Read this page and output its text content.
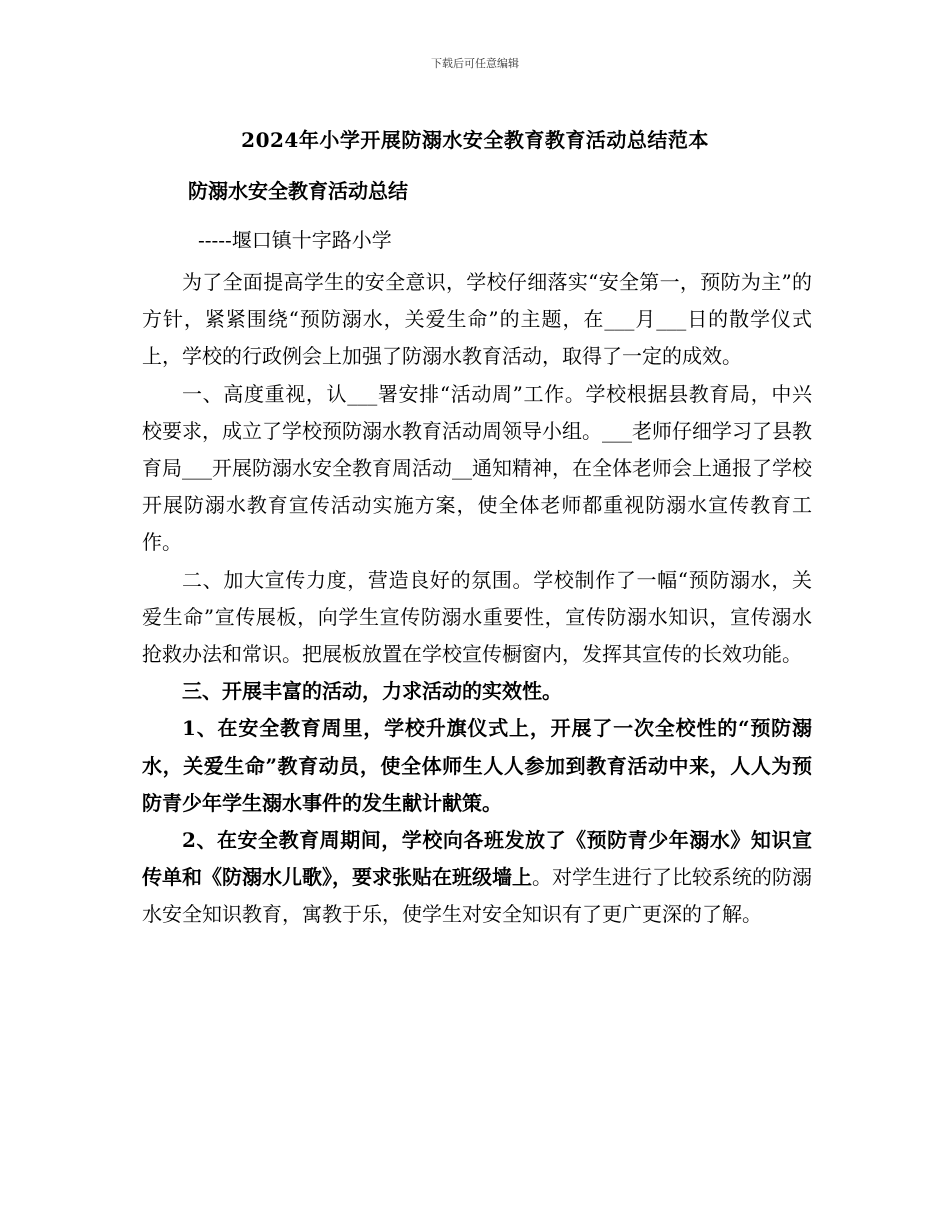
下载后可任意编辑
2024年小学开展防溺水安全教育教育活动总结范本
防溺水安全教育活动总结
-----堰口镇十字路小学

为了全面提高学生的安全意识，学校仔细落实“安全第一，预防为主”的方针，紧紧围绕“预防溺水，关爱生命”的主题，在___月___日的散学仪式上，学校的行政例会上加强了防溺水教育活动，取得了一定的成效。

一、高度重视，认___署安排“活动周”工作。学校根据县教育局，中兴校要求，成立了学校预防溺水教育活动周领导小组。___老师仔细学习了县教育局___开展防溺水安全教育周活动__通知精神，在全体老师会上通报了学校开展防溺水教育宣传活动实施方案，使全体老师都重视防溺水宣传教育工作。

二、加大宣传力度，营造良好的氛围。学校制作了一幅“预防溺水，关爱生命”宣传展板，向学生宣传防溺水重要性，宣传防溺水知识，宣传溺水抢救办法和常识。把展板放置在学校宣传橱窗内，发挥其宣传的长效功能。

三、开展丰富的活动，力求活动的实效性。

1、在安全教育周里，学校升旗仪式上，开展了一次全校性的“预防溺水，关爱生命”教育动员，使全体师生人人参加到教育活动中来，人人为预防青少年学生溺水事件的发生献计献策。

2、在安全教育周期间，学校向各班发放了《预防青少年溺水》知识宣传单和《防溺水儿歌》，要求张贴在班级墙上。对学生进行了比较系统的防溺水安全知识教育，寓教于乐，使学生对安全知识有了更广更深的了解。
